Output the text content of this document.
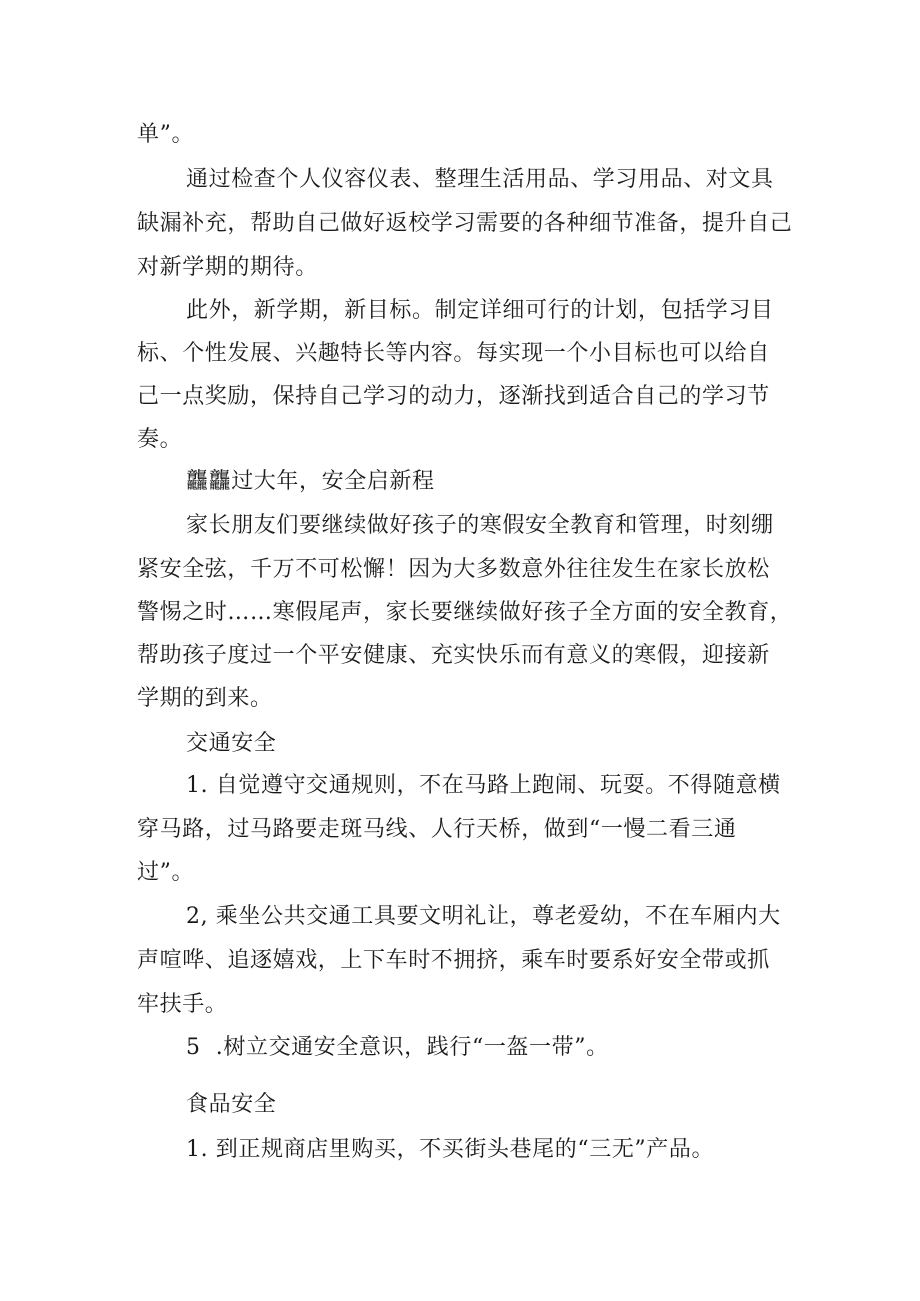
单”。
通过检查个人仪容仪表、整理生活用品、学习用品、对文具
缺漏补充，帮助自己做好返校学习需要的各种细节准备，提升自己
对新学期的期待。
此外，新学期，新目标。制定详细可行的计划，包括学习目
标、个性发展、兴趣特长等内容。每实现一个小目标也可以给自
己一点奖励，保持自己学习的动力，逐渐找到适合自己的学习节
奏。
龘龘过大年，安全启新程
家长朋友们要继续做好孩子的寒假安全教育和管理，时刻绷
紧安全弦，千万不可松懈！因为大多数意外往往发生在家长放松
警惕之时……寒假尾声，家长要继续做好孩子全方面的安全教育，
帮助孩子度过一个平安健康、充实快乐而有意义的寒假，迎接新
学期的到来。
交通安全
1. 自觉遵守交通规则，不在马路上跑闹、玩耍。不得随意横
穿马路，过马路要走斑马线、人行天桥，做到“一慢二看三通
过”。
2, 乘坐公共交通工具要文明礼让，尊老爱幼，不在车厢内大
声喧哗、追逐嬉戏，上下车时不拥挤，乘车时要系好安全带或抓
牢扶手。
5  .树立交通安全意识，践行“一盔一带”。
食品安全
1. 到正规商店里购买，不买街头巷尾的“三无”产品。
